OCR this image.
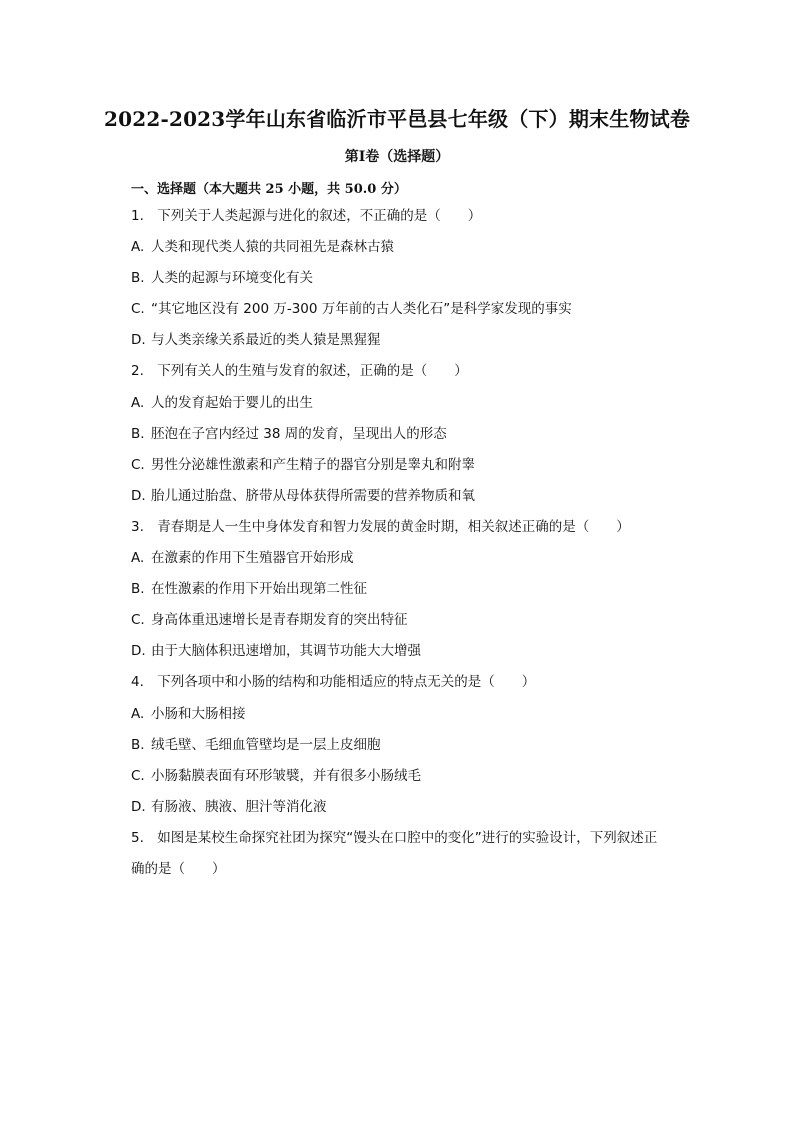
2022-2023学年山东省临沂市平邑县七年级（下）期末生物试卷
第Ⅰ卷（选择题）
一、选择题（本大题共 25 小题，共 50.0 分）
1. 下列关于人类起源与进化的叙述，不正确的是（　　）
A. 人类和现代类人猿的共同祖先是森林古猿
B. 人类的起源与环境变化有关
C. “其它地区没有 200 万-300 万年前的古人类化石”是科学家发现的事实
D. 与人类亲缘关系最近的类人猿是黑猩猩
2. 下列有关人的生殖与发育的叙述，正确的是（　　）
A. 人的发育起始于婴儿的出生
B. 胚泡在子宫内经过 38 周的发育，呈现出人的形态
C. 男性分泌雄性激素和产生精子的器官分别是睾丸和附睾
D. 胎儿通过胎盘、脐带从母体获得所需要的营养物质和氧
3. 青春期是人一生中身体发育和智力发展的黄金时期，相关叙述正确的是（　　）
A. 在激素的作用下生殖器官开始形成
B. 在性激素的作用下开始出现第二性征
C. 身高体重迅速增长是青春期发育的突出特征
D. 由于大脑体积迅速增加，其调节功能大大增强
4. 下列各项中和小肠的结构和功能相适应的特点无关的是（　　）
A. 小肠和大肠相接
B. 绒毛壁、毛细血管壁均是一层上皮细胞
C. 小肠黏膜表面有环形皱襞，并有很多小肠绒毛
D. 有肠液、胰液、胆汁等消化液
5. 如图是某校生命探究社团为探究“馒头在口腔中的变化”进行的实验设计，下列叙述正
确的是（　　）
